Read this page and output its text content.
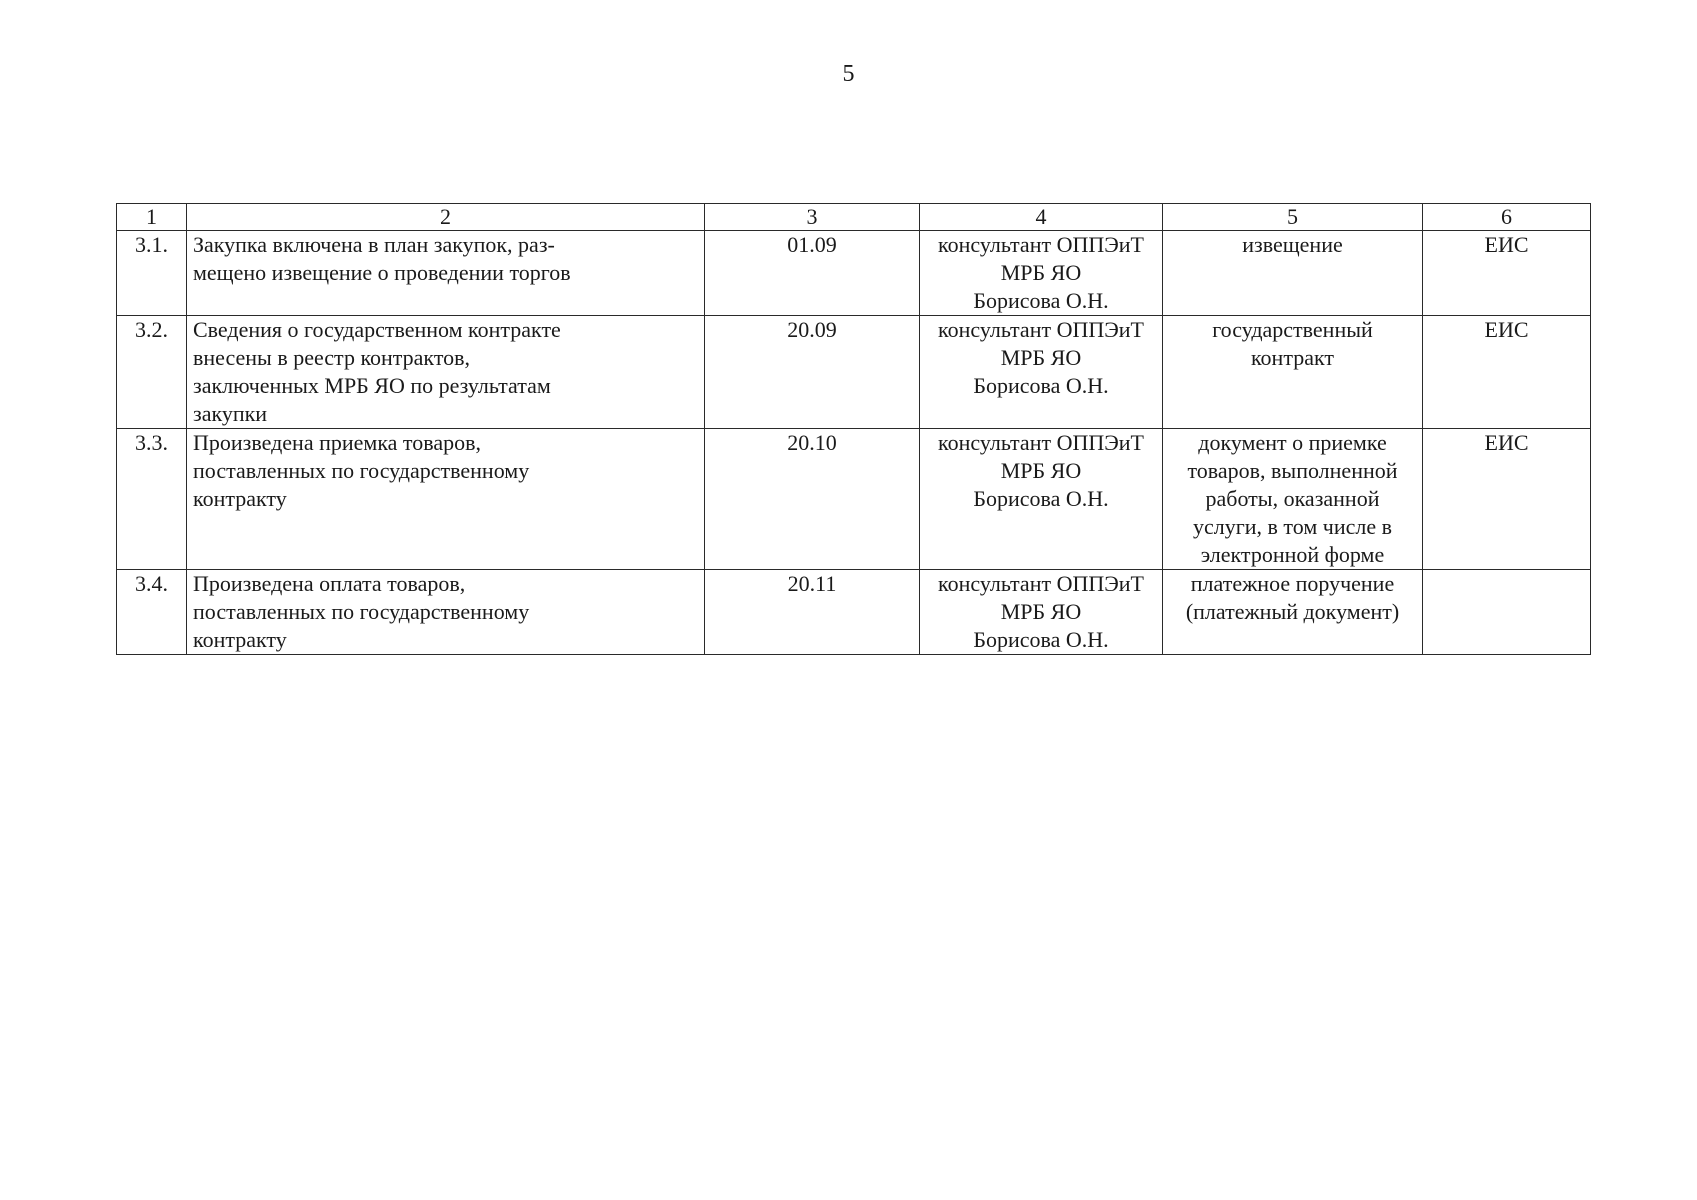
5
1	2	3	4	5	6
3.1.	Закупка включена в план закупок, раз-
мещено извещение о проведении торгов	01.09	консультант ОППЭиТ
МРБ ЯО
Борисова О.Н.	извещение	ЕИС
3.2.	Сведения о государственном контракте
внесены в реестр контрактов,
заключенных МРБ ЯО по результатам
закупки	20.09	консультант ОППЭиТ
МРБ ЯО
Борисова О.Н.	государственный
контракт	ЕИС
3.3.	Произведена приемка товаров,
поставленных по государственному
контракту	20.10	консультант ОППЭиТ
МРБ ЯО
Борисова О.Н.	документ о приемке
товаров, выполненной
работы, оказанной
услуги, в том числе в
электронной форме	ЕИС
3.4.	Произведена оплата товаров,
поставленных по государственному
контракту	20.11	консультант ОППЭиТ
МРБ ЯО
Борисова О.Н.	платежное поручение
(платежный документ)	
